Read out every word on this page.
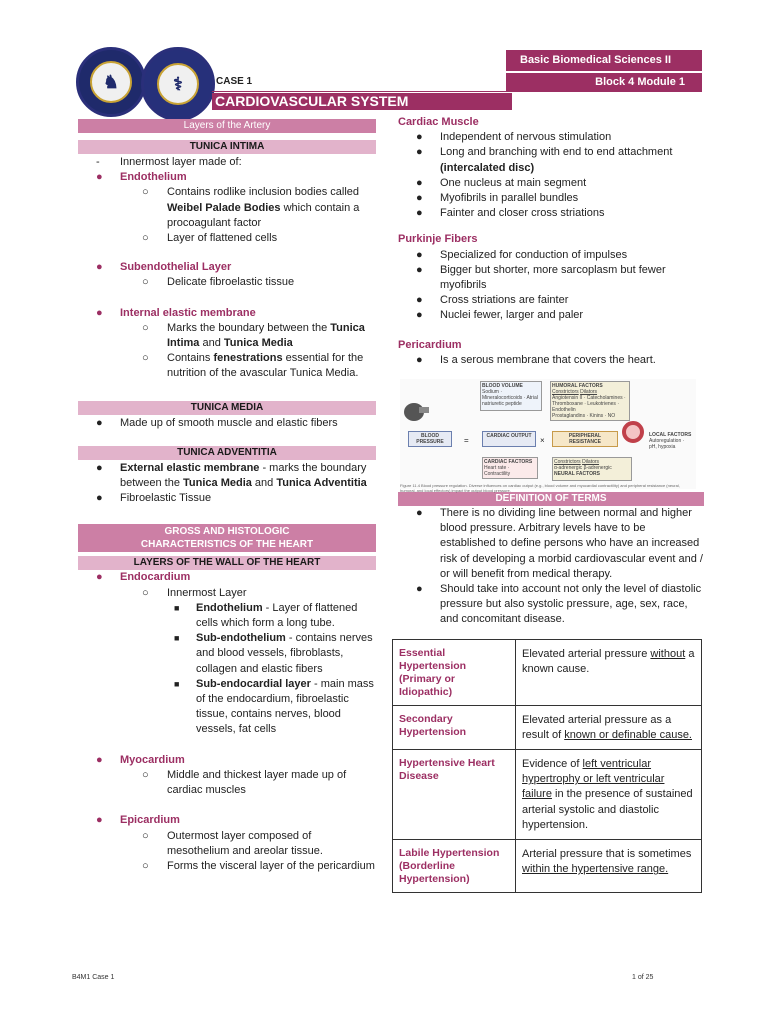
♞	⚕
Basic Biomedical Sciences II
Block 4 Module 1
CASE 1
CARDIOVASCULAR SYSTEM
Layers of the Artery
TUNICA INTIMA
- Innermost layer made of:
● Endothelium
○ Contains rodlike inclusion bodies called Weibel Palade Bodies which contain a procoagulant factor
○ Layer of flattened cells
● Subendothelial Layer
○ Delicate fibroelastic tissue
● Internal elastic membrane
○ Marks the boundary between the Tunica Intima and Tunica Media
○ Contains fenestrations essential for the nutrition of the avascular Tunica Media.
TUNICA MEDIA
● Made up of smooth muscle and elastic fibers
TUNICA ADVENTITIA
● External elastic membrane - marks the boundary between the Tunica Media and Tunica Adventitia
● Fibroelastic Tissue
GROSS AND HISTOLOGIC
CHARACTERISTICS OF THE HEART
LAYERS OF THE WALL OF THE HEART
● Endocardium
○ Innermost Layer
■ Endothelium - Layer of flattened cells which form a long tube.
■ Sub-endothelium - contains nerves and blood vessels, fibroblasts, collagen and elastic fibers
■ Sub-endocardial layer - main mass of the endocardium, fibroelastic tissue, contains nerves, blood vessels, fat cells
● Myocardium
○ Middle and thickest layer made up of cardiac muscles
● Epicardium
○ Outermost layer composed of mesothelium and areolar tissue.
○ Forms the visceral layer of the pericardium
Cardiac Muscle
● Independent of nervous stimulation
● Long and branching with end to end attachment (intercalated disc)
● One nucleus at main segment
● Myofibrils in parallel bundles
● Fainter and closer cross striations
Purkinje Fibers
● Specialized for conduction of impulses
● Bigger but shorter, more sarcoplasm but fewer myofibrils
● Cross striations are fainter
● Nuclei fewer, larger and paler
Pericardium
● Is a serous membrane that covers the heart.
BLOOD VOLUME
Sodium · Mineralocorticoids · Atrial natriuretic peptide
HUMORAL FACTORS
Constrictors Dilators
Angiotensin II · Catecholamines · Thromboxane · Leukotrienes · Endothelin
Prostaglandins · Kinins · NO
BLOOD PRESSURE	=	CARDIAC OUTPUT	×	PERIPHERAL RESISTANCE
LOCAL FACTORS
Autoregulation · pH, hypoxia
CARDIAC FACTORS
Heart rate · Contractility
Constrictors Dilators
α-adrenergic β-adrenergic
NEURAL FACTORS
Figure 11.4 Blood pressure regulation. Diverse influences on cardiac output (e.g., blood volume and myocardial contractility) and peripheral resistance (neural, humoral, and local effectors) impact the output blood pressure.
DEFINITION OF TERMS
● There is no dividing line between normal and higher blood pressure. Arbitrary levels have to be established to define persons who have an increased risk of developing a morbid cardiovascular event and / or will benefit from medical therapy.
● Should take into account not only the level of diastolic pressure but also systolic pressure, age, sex, race, and concomitant disease.
Essential Hypertension (Primary or Idiopathic)	Elevated arterial pressure without a known cause.
Secondary Hypertension	Elevated arterial pressure as a result of known or definable cause.
Hypertensive Heart Disease	Evidence of left ventricular hypertrophy or left ventricular failure in the presence of sustained arterial systolic and diastolic hypertension.
Labile Hypertension (Borderline Hypertension)	Arterial pressure that is sometimes within the hypertensive range.
B4M1 Case 1	1 of 25
